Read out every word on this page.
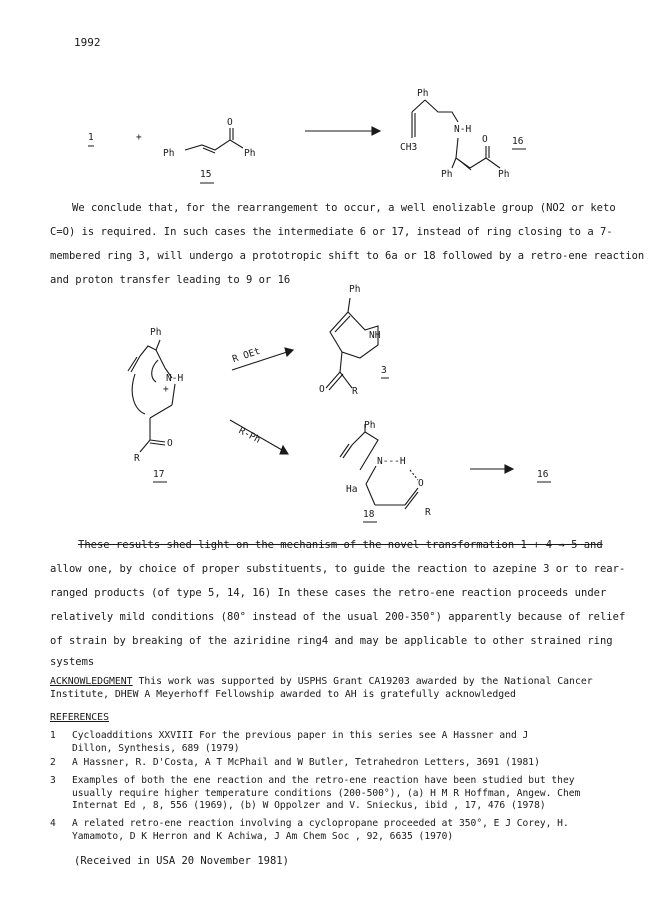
1992
1	+
O
Ph	Ph
15
Ph
N-H
CH3
O	16
Ph	Ph
We conclude that, for the rearrangement to occur, a well enolizable group (NO2 or keto
C=O) is required. In such cases the intermediate 6 or 17, instead of ring closing to a 7-
membered ring 3, will undergo a prototropic shift to 6a or 18 followed by a retro-ene reaction
and proton transfer leading to 9 or 16
Ph
N-H
+
O
R
17
R OEt
R-Ph
Ph
NH
O	R
3
Ph
N---H
Ha
O
R
18
16
These results shed light on the mechanism of the novel transformation 1 + 4 → 5 and
allow one, by choice of proper substituents, to guide the reaction to azepine 3 or to rear-
ranged products (of type 5, 14, 16) In these cases the retro-ene reaction proceeds under
relatively mild conditions (80° instead of the usual 200-350°) apparently because of relief
of strain by breaking of the aziridine ring4 and may be applicable to other strained ring
systems
ACKNOWLEDGMENT This work was supported by USPHS Grant CA19203 awarded by the National Cancer
Institute, DHEW A Meyerhoff Fellowship awarded to AH is gratefully acknowledged
REFERENCES
1 Cycloadditions XXVIII For the previous paper in this series see A Hassner and J
Dillon, Synthesis, 689 (1979)
2 A Hassner, R. D'Costa, A T McPhail and W Butler, Tetrahedron Letters, 3691 (1981)
3 Examples of both the ene reaction and the retro-ene reaction have been studied but they
usually require higher temperature conditions (200-500°), (a) H M R Hoffman, Angew. Chem
Internat Ed , 8, 556 (1969), (b) W Oppolzer and V. Snieckus, ibid , 17, 476 (1978)
4 A related retro-ene reaction involving a cyclopropane proceeded at 350°, E J Corey, H.
Yamamoto, D K Herron and K Achiwa, J Am Chem Soc , 92, 6635 (1970)
(Received in USA 20 November 1981)
